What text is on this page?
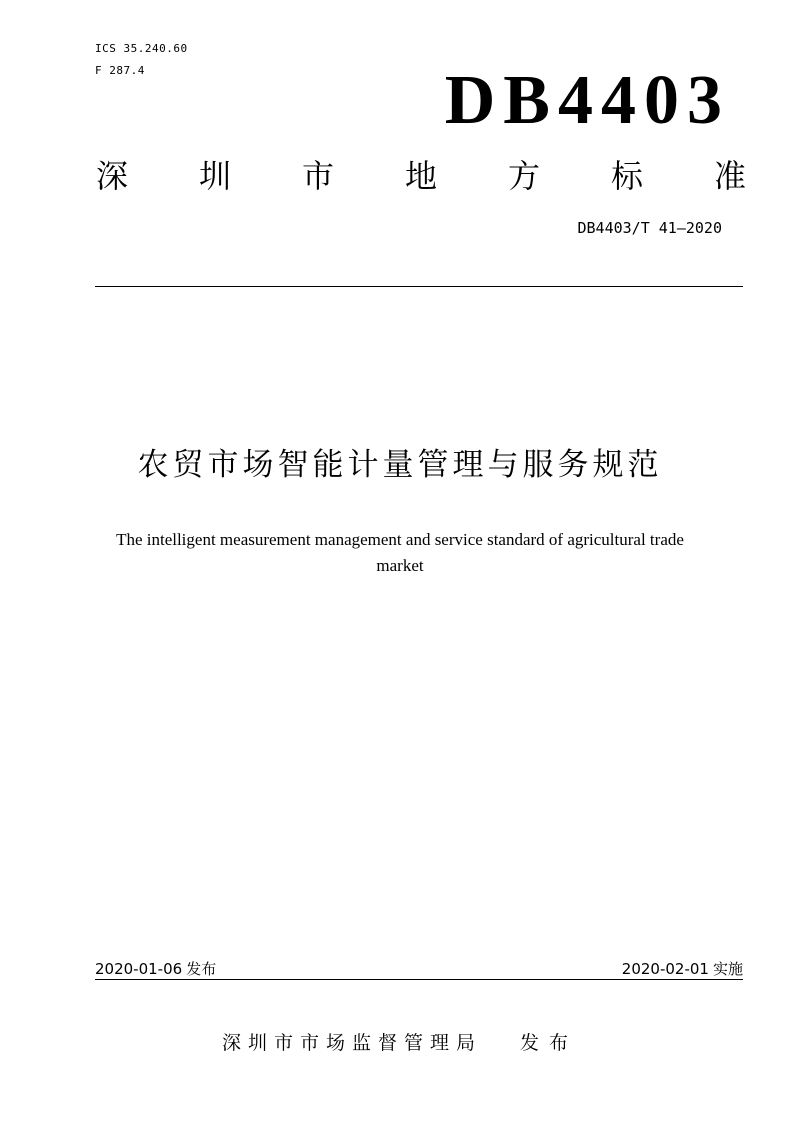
ICS 35.240.60
F 287.4	DB4403
深 圳 市 地 方 标 准
DB4403/T 41—2020
农贸市场智能计量管理与服务规范
The intelligent measurement management and service standard of agricultural trade
market
2020-01-06 发布	2020-02-01 实施
深圳市市场监督管理局 发布
